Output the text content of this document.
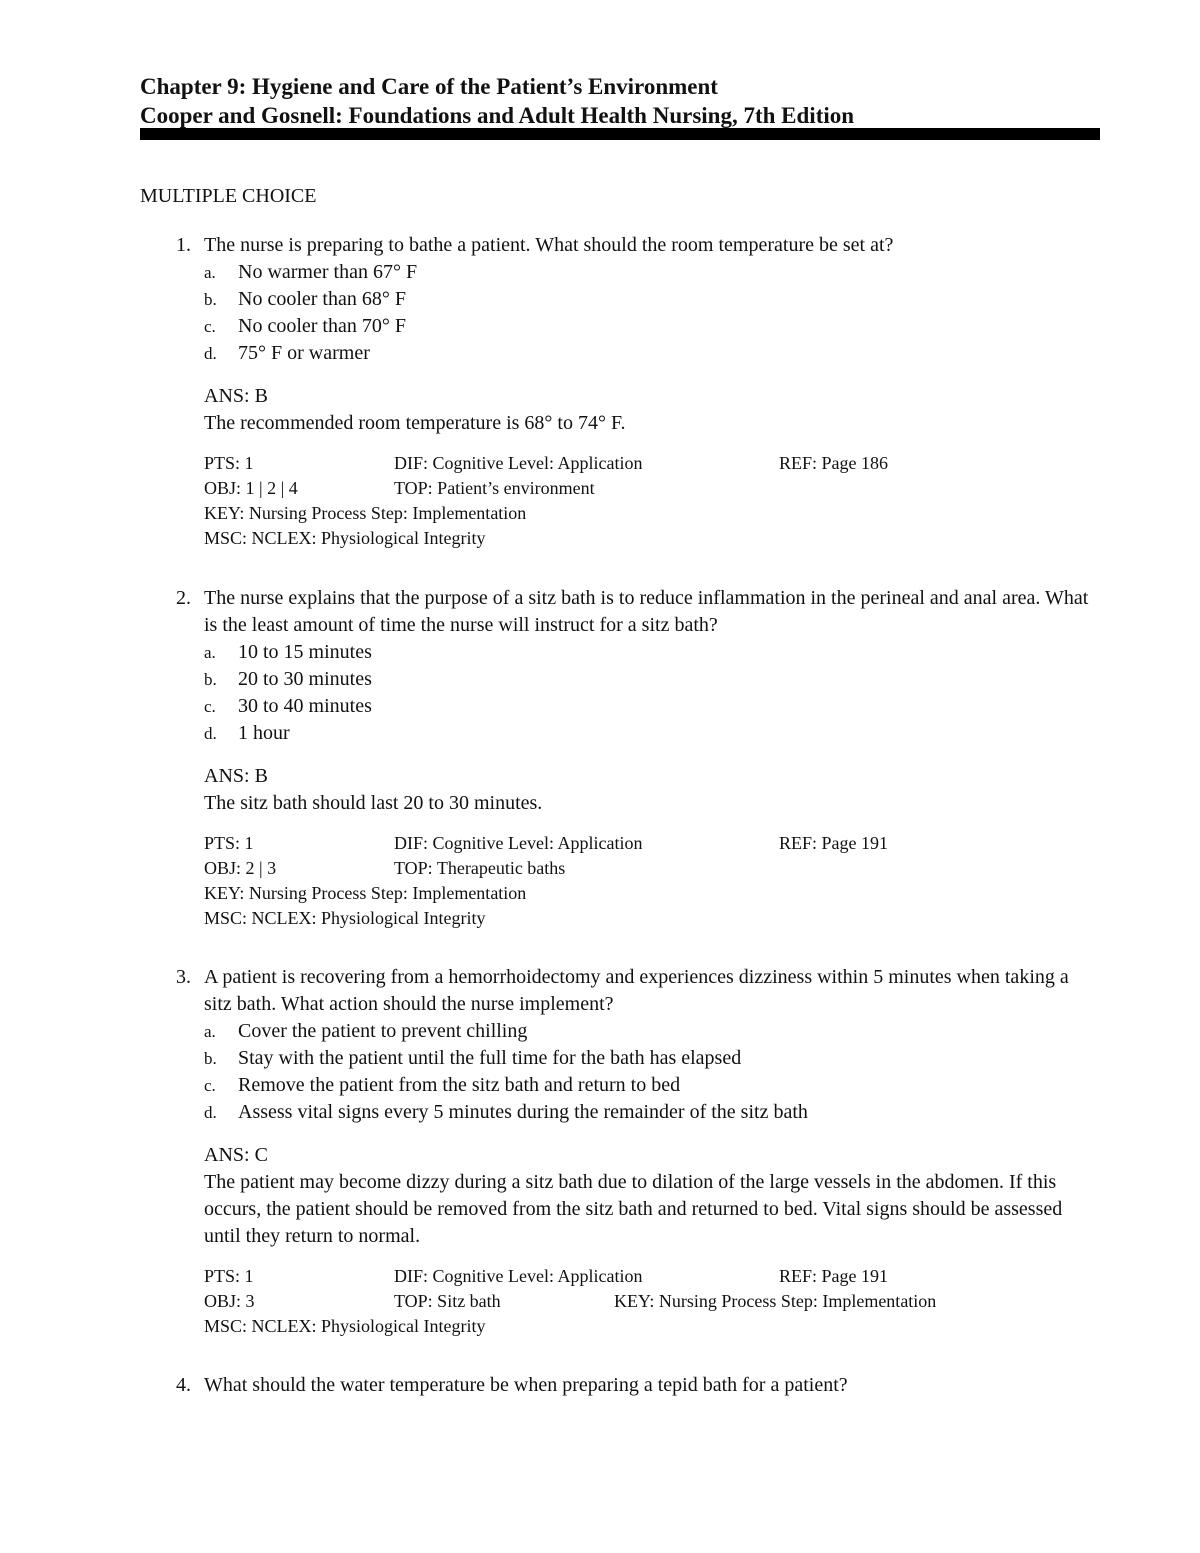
Chapter 9: Hygiene and Care of the Patient’s Environment
Cooper and Gosnell: Foundations and Adult Health Nursing, 7th Edition
MULTIPLE CHOICE
1. The nurse is preparing to bathe a patient. What should the room temperature be set at?
a.	No warmer than 67° F
b.	No cooler than 68° F
c.	No cooler than 70° F
d.	75° F or warmer
ANS: B
The recommended room temperature is 68° to 74° F.
PTS: 1	DIF: Cognitive Level: Application	REF: Page 186
OBJ: 1 | 2 | 4	TOP: Patient’s environment
KEY: Nursing Process Step: Implementation
MSC: NCLEX: Physiological Integrity
2. The nurse explains that the purpose of a sitz bath is to reduce inflammation in the perineal and anal area. What is the least amount of time the nurse will instruct for a sitz bath?
a.	10 to 15 minutes
b.	20 to 30 minutes
c.	30 to 40 minutes
d.	1 hour
ANS: B
The sitz bath should last 20 to 30 minutes.
PTS: 1	DIF: Cognitive Level: Application	REF: Page 191
OBJ: 2 | 3	TOP: Therapeutic baths
KEY: Nursing Process Step: Implementation
MSC: NCLEX: Physiological Integrity
3. A patient is recovering from a hemorrhoidectomy and experiences dizziness within 5 minutes when taking a sitz bath. What action should the nurse implement?
a.	Cover the patient to prevent chilling
b.	Stay with the patient until the full time for the bath has elapsed
c.	Remove the patient from the sitz bath and return to bed
d.	Assess vital signs every 5 minutes during the remainder of the sitz bath
ANS: C
The patient may become dizzy during a sitz bath due to dilation of the large vessels in the abdomen. If this occurs, the patient should be removed from the sitz bath and returned to bed. Vital signs should be assessed until they return to normal.
PTS: 1	DIF: Cognitive Level: Application	REF: Page 191
OBJ: 3	TOP: Sitz bath	KEY: Nursing Process Step: Implementation
MSC: NCLEX: Physiological Integrity
4. What should the water temperature be when preparing a tepid bath for a patient?
